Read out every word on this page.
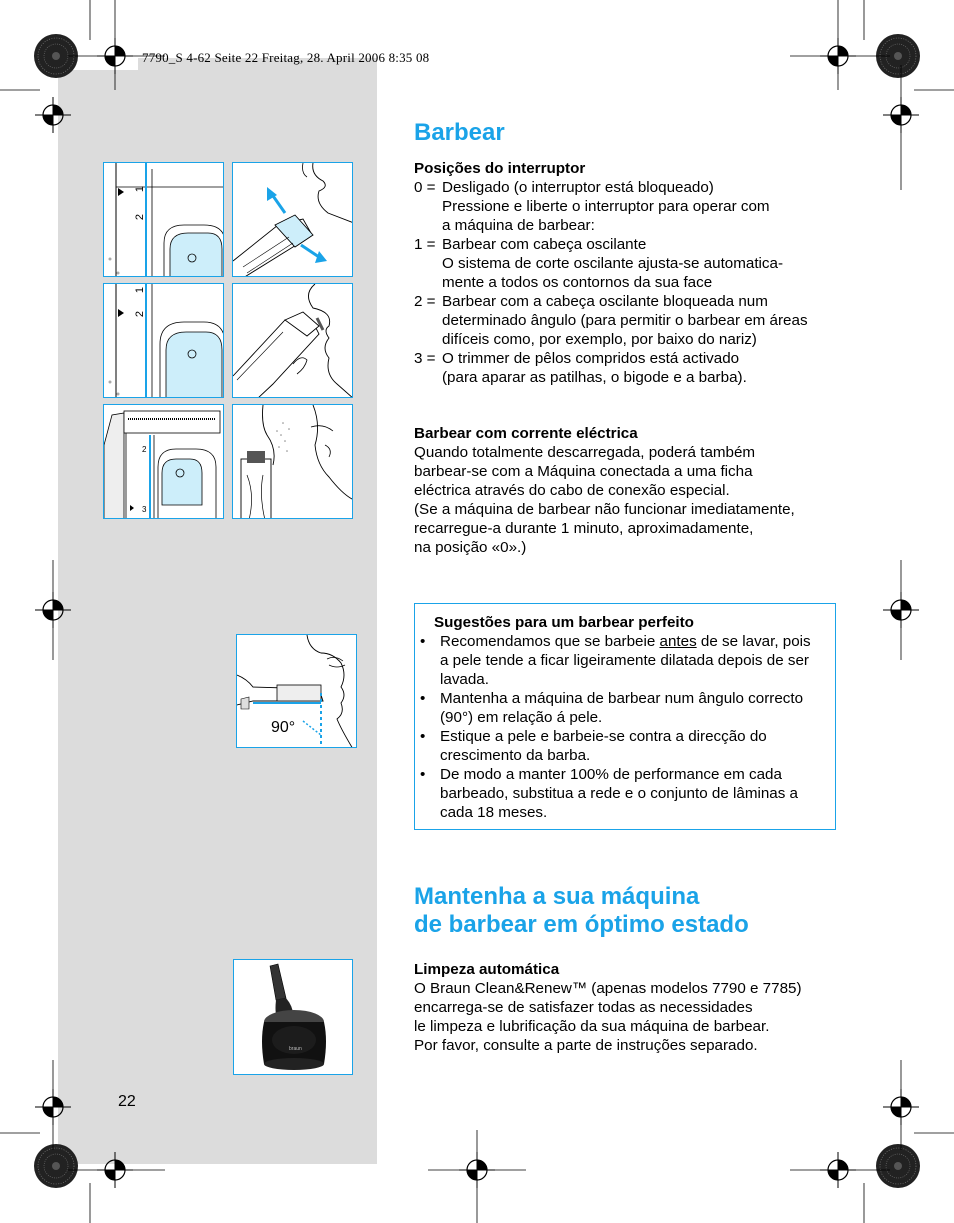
7790_S 4-62 Seite 22 Freitag, 28. April 2006 8:35 08
1
2
1
2
2
3
90°
braun
Barbear
Posições do interruptor
0 = Desligado (o interruptor está bloqueado)
Pressione e liberte o interruptor para operar com
a máquina de barbear:
1 = Barbear com cabeça oscilante
O sistema de corte oscilante ajusta-se automatica-
mente a todos os contornos da sua face
2 = Barbear com a cabeça oscilante bloqueada num
determinado ângulo (para permitir o barbear em áreas
difíceis como, por exemplo, por baixo do nariz)
3 = O trimmer de pêlos compridos está activado
(para aparar as patilhas, o bigode e a barba).
Barbear com corrente eléctrica
Quando totalmente descarregada, poderá também
barbear-se com a Máquina conectada a uma ficha
eléctrica através do cabo de conexão especial.
(Se a máquina de barbear não funcionar imediatamente,
recarregue-a durante 1 minuto, aproximadamente,
na posição «0».)
Sugestões para um barbear perfeito
• Recomendamos que se barbeie antes de se lavar, pois
a pele tende a ficar ligeiramente dilatada depois de ser
lavada.
• Mantenha a máquina de barbear num ângulo correcto
(90°) em relação á pele.
• Estique a pele e barbeie-se contra a direcção do
crescimento da barba.
• De modo a manter 100% de performance em cada
barbeado, substitua a rede e o conjunto de lâminas a
cada 18 meses.
Mantenha a sua máquina
de barbear em óptimo estado
Limpeza automática
O Braun Clean&Renew™ (apenas modelos 7790 e 7785)
encarrega-se de satisfazer todas as necessidades
le limpeza e lubrificação da sua máquina de barbear.
Por favor, consulte a parte de instruções separado.
22
